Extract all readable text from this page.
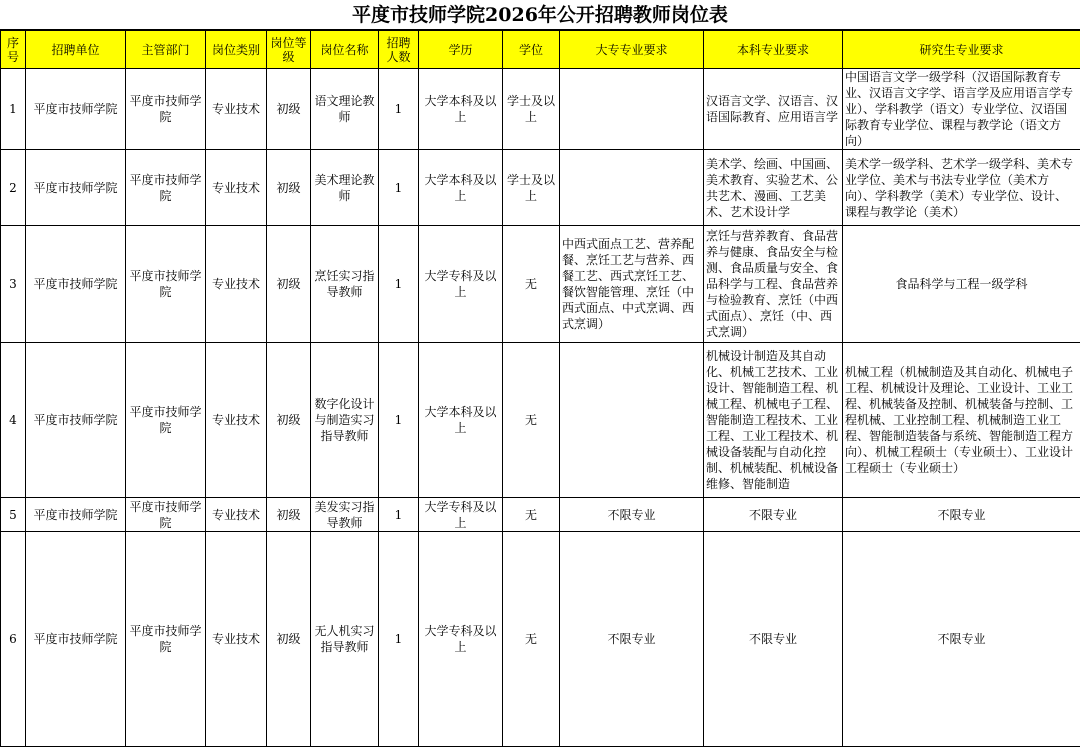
平度市技师学院2026年公开招聘教师岗位表
序号	招聘单位	主管部门	岗位类别	岗位等级	岗位名称	招聘人数	学历	学位	大专专业要求	本科专业要求	研究生专业要求
1	平度市技师学院	平度市技师学院	专业技术	初级	语文理论教师	1	大学本科及以上	学士及以上		汉语言文学、汉语言、汉语国际教育、应用语言学	中国语言文学一级学科（汉语国际教育专业、汉语言文字学、语言学及应用语言学专业）、学科教学（语文）专业学位、汉语国际教育专业学位、课程与教学论（语文方向）
2	平度市技师学院	平度市技师学院	专业技术	初级	美术理论教师	1	大学本科及以上	学士及以上		美术学、绘画、中国画、美术教育、实验艺术、公共艺术、漫画、工艺美术、艺术设计学	美术学一级学科、艺术学一级学科、美术专业学位、美术与书法专业学位（美术方向）、学科教学（美术）专业学位、设计、课程与教学论（美术）
3	平度市技师学院	平度市技师学院	专业技术	初级	烹饪实习指导教师	1	大学专科及以上	无	中西式面点工艺、营养配餐、烹饪工艺与营养、西餐工艺、西式烹饪工艺、餐饮智能管理、烹饪（中西式面点、中式烹调、西式烹调）	烹饪与营养教育、食品营养与健康、食品安全与检测、食品质量与安全、食品科学与工程、食品营养与检验教育、烹饪（中西式面点）、烹饪（中、西式烹调）	食品科学与工程一级学科
4	平度市技师学院	平度市技师学院	专业技术	初级	数字化设计与制造实习指导教师	1	大学本科及以上	无		机械设计制造及其自动化、机械工艺技术、工业设计、智能制造工程、机械工程、机械电子工程、智能制造工程技术、工业工程、工业工程技术、机械设备装配与自动化控制、机械装配、机械设备维修、智能制造	机械工程（机械制造及其自动化、机械电子工程、机械设计及理论、工业设计、工业工程、机械装备及控制、机械装备与控制、工程机械、工业控制工程、机械制造工业工程、智能制造装备与系统、智能制造工程方向）、机械工程硕士（专业硕士）、工业设计工程硕士（专业硕士）
5	平度市技师学院	平度市技师学院	专业技术	初级	美发实习指导教师	1	大学专科及以上	无	不限专业	不限专业	不限专业
6	平度市技师学院	平度市技师学院	专业技术	初级	无人机实习指导教师	1	大学专科及以上	无	不限专业	不限专业	不限专业
